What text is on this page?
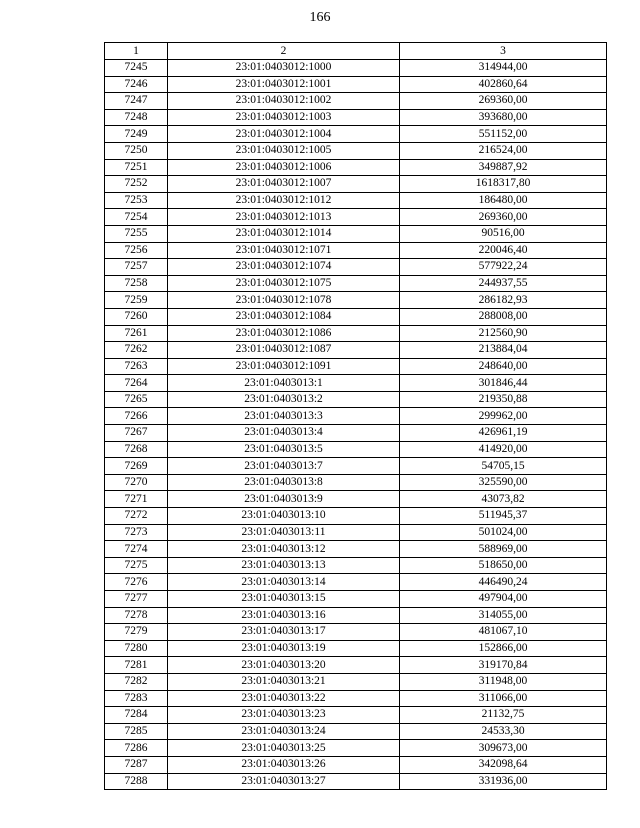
166
1	2	3
7245	23:01:0403012:1000	314944,00
7246	23:01:0403012:1001	402860,64
7247	23:01:0403012:1002	269360,00
7248	23:01:0403012:1003	393680,00
7249	23:01:0403012:1004	551152,00
7250	23:01:0403012:1005	216524,00
7251	23:01:0403012:1006	349887,92
7252	23:01:0403012:1007	1618317,80
7253	23:01:0403012:1012	186480,00
7254	23:01:0403012:1013	269360,00
7255	23:01:0403012:1014	90516,00
7256	23:01:0403012:1071	220046,40
7257	23:01:0403012:1074	577922,24
7258	23:01:0403012:1075	244937,55
7259	23:01:0403012:1078	286182,93
7260	23:01:0403012:1084	288008,00
7261	23:01:0403012:1086	212560,90
7262	23:01:0403012:1087	213884,04
7263	23:01:0403012:1091	248640,00
7264	23:01:0403013:1	301846,44
7265	23:01:0403013:2	219350,88
7266	23:01:0403013:3	299962,00
7267	23:01:0403013:4	426961,19
7268	23:01:0403013:5	414920,00
7269	23:01:0403013:7	54705,15
7270	23:01:0403013:8	325590,00
7271	23:01:0403013:9	43073,82
7272	23:01:0403013:10	511945,37
7273	23:01:0403013:11	501024,00
7274	23:01:0403013:12	588969,00
7275	23:01:0403013:13	518650,00
7276	23:01:0403013:14	446490,24
7277	23:01:0403013:15	497904,00
7278	23:01:0403013:16	314055,00
7279	23:01:0403013:17	481067,10
7280	23:01:0403013:19	152866,00
7281	23:01:0403013:20	319170,84
7282	23:01:0403013:21	311948,00
7283	23:01:0403013:22	311066,00
7284	23:01:0403013:23	21132,75
7285	23:01:0403013:24	24533,30
7286	23:01:0403013:25	309673,00
7287	23:01:0403013:26	342098,64
7288	23:01:0403013:27	331936,00
